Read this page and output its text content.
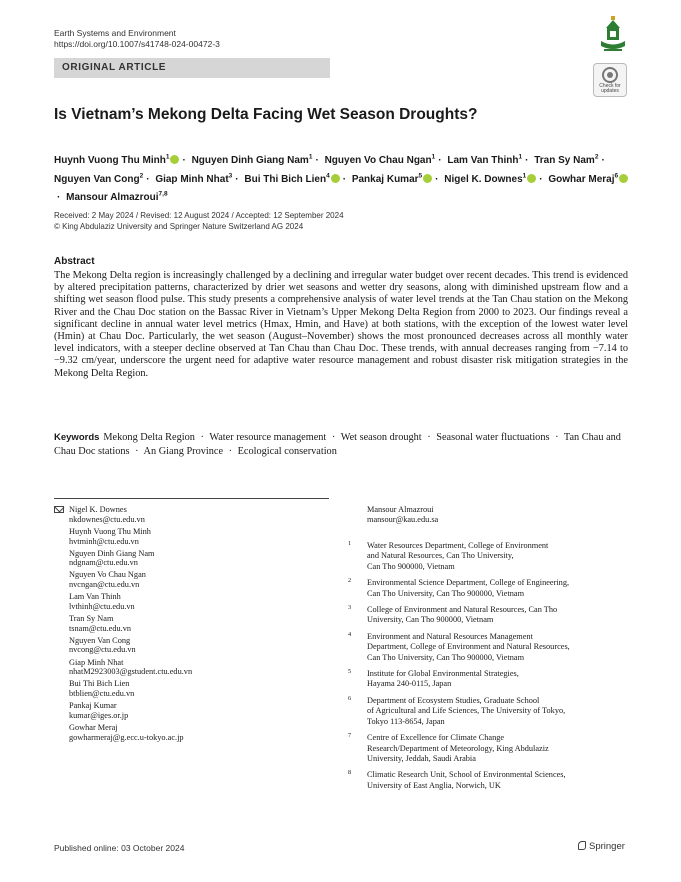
Earth Systems and Environment
https://doi.org/10.1007/s41748-024-00472-3
ORIGINAL ARTICLE
Check for
updates
Is Vietnam’s Mekong Delta Facing Wet Season Droughts?
Huynh Vuong Thu Minh$^1$ · Nguyen Dinh Giang Nam$^1$ · Nguyen Vo Chau Ngan$^1$ · Lam Van Thinh$^1$ · Tran Sy Nam$^2$ · Nguyen Van Cong$^2$ · Giap Minh Nhat$^3$ · Bui Thi Bich Lien$^4$ · Pankaj Kumar$^5$ · Nigel K. Downes$^1$ · Gowhar Meraj$^6$· Mansour Almazroui$^{7,8}$
Received: 2 May 2024 / Revised: 12 August 2024 / Accepted: 12 September 2024
© King Abdulaziz University and Springer Nature Switzerland AG 2024
Abstract
The Mekong Delta region is increasingly challenged by a declining and irregular water budget over recent decades. This trend is evidenced by altered precipitation patterns, characterized by drier wet seasons and wetter dry seasons, along with diminished upstream flow and a shifting wet season flood pulse. This study presents a comprehensive analysis of water level trends at the Tan Chau station on the Mekong River and the Chau Doc station on the Bassac River in Vietnam’s Upper Mekong Delta Region from 2000 to 2023. Our findings reveal a significant decline in annual water level metrics (Hmax, Hmin, and Have) at both stations, with the exception of the lowest water level (Hmin) at Chau Doc. Particularly, the wet season (August–November) shows the most pronounced decreases across all monthly water level indicators, with a steeper decline observed at Tan Chau than Chau Doc. These trends, with annual decreases ranging from −7.14 to −9.32 cm/year, underscore the urgent need for adaptive water resource management and robust disaster risk mitigation strategies in the Mekong Delta Region.
Keywords Mekong Delta Region · Water resource management · Wet season drought · Seasonal water fluctuations · Tan Chau and Chau Doc stations · An Giang Province · Ecological conservation
Nigel K. Downes
nkdownes@ctu.edu.vn
Huynh Vuong Thu Minh
hvtminh@ctu.edu.vn
Nguyen Dinh Giang Nam
ndgnam@ctu.edu.vn
Nguyen Vo Chau Ngan
nvcngan@ctu.edu.vn
Lam Van Thinh
lvthinh@ctu.edu.vn
Tran Sy Nam
tsnam@ctu.edu.vn
Nguyen Van Cong
nvcong@ctu.edu.vn
Giap Minh Nhat
nhatM2923003@gstudent.ctu.edu.vn
Bui Thi Bich Lien
btblien@ctu.edu.vn
Pankaj Kumar
kumar@iges.or.jp
Gowhar Meraj
gowharmeraj@g.ecc.u-tokyo.ac.jp
Mansour Almazroui
mansour@kau.edu.sa
1 Water Resources Department, College of Environment
and Natural Resources, Can Tho University,
Can Tho 900000, Vietnam
2 Environmental Science Department, College of Engineering,
Can Tho University, Can Tho 900000, Vietnam
3 College of Environment and Natural Resources, Can Tho
University, Can Tho 900000, Vietnam
4 Environment and Natural Resources Management
Department, College of Environment and Natural Resources,
Can Tho University, Can Tho 900000, Vietnam
5 Institute for Global Environmental Strategies,
Hayama 240-0115, Japan
6 Department of Ecosystem Studies, Graduate School
of Agricultural and Life Sciences, The University of Tokyo,
Tokyo 113-8654, Japan
7 Centre of Excellence for Climate Change
Research/Department of Meteorology, King Abdulaziz
University, Jeddah, Saudi Arabia
8 Climatic Research Unit, School of Environmental Sciences,
University of East Anglia, Norwich, UK
Published online: 03 October 2024	Springer
